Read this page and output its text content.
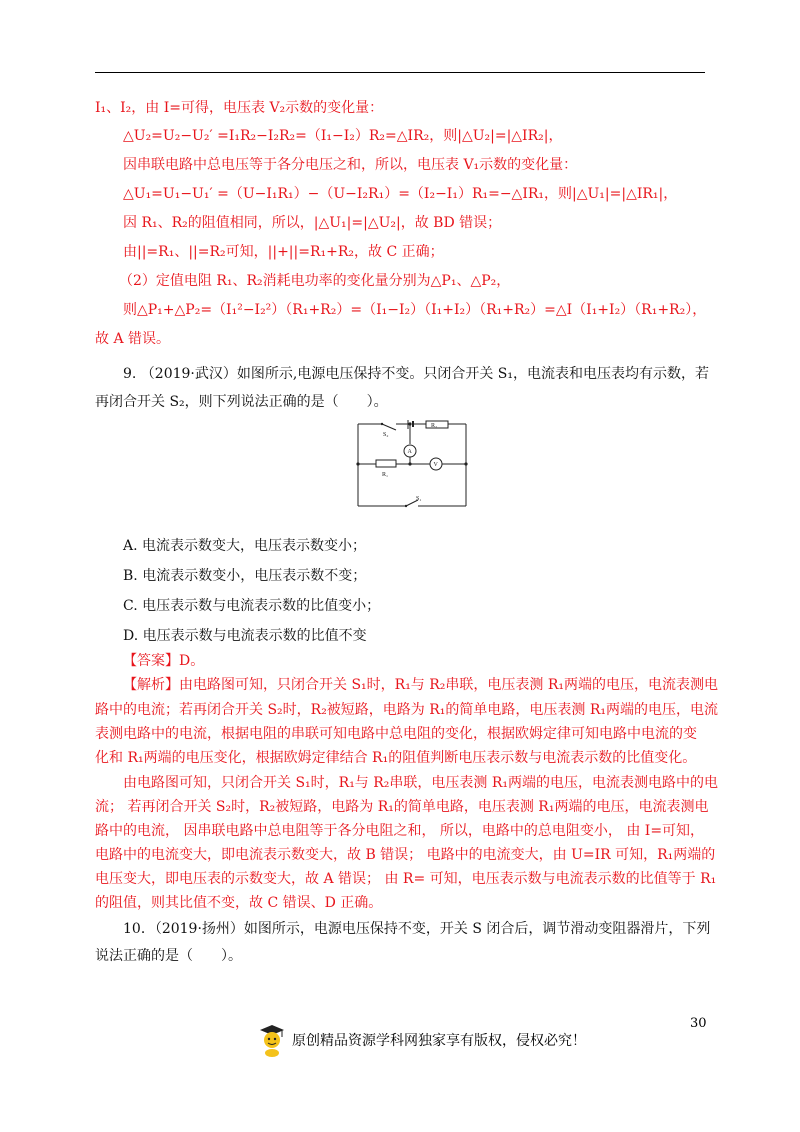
I₁、I₂，由 I=可得，电压表 V₂示数的变化量：
△U₂=U₂−U₂′ =I₁R₂−I₂R₂=（I₁−I₂）R₂=△IR₂，则|△U₂|=|△IR₂|，
因串联电路中总电压等于各分电压之和，所以，电压表 V₁示数的变化量：
△U₁=U₁−U₁′ =（U−I₁R₁）−（U−I₂R₁）=（I₂−I₁）R₁=−△IR₁，则|△U₁|=|△IR₁|，
因 R₁、R₂的阻值相同，所以，|△U₁|=|△U₂|，故 BD 错误；
由||=R₁、||=R₂可知，||+||=R₁+R₂，故 C 正确；
（2）定值电阻 R₁、R₂消耗电功率的变化量分别为△P₁、△P₂，
则△P₁+△P₂=（I₁²−I₂²）（R₁+R₂）=（I₁−I₂）（I₁+I₂）（R₁+R₂）=△I（I₁+I₂）（R₁+R₂），
故 A 错误。
9. （2019·武汉）如图所示,电源电压保持不变。只闭合开关 S₁，电流表和电压表均有示数，若
再闭合开关 S₂，则下列说法正确的是（　　）。
S₂
R₂
A
V
R₁
S₁
A. 电流表示数变大，电压表示数变小；
B. 电流表示数变小，电压表示数不变；
C. 电压表示数与电流表示数的比值变小；
D. 电压表示数与电流表示数的比值不变
【答案】D。
【解析】由电路图可知，只闭合开关 S₁时，R₁与 R₂串联，电压表测 R₁两端的电压，电流表测电
路中的电流；若再闭合开关 S₂时，R₂被短路，电路为 R₁的简单电路，电压表测 R₁两端的电压，电流
表测电路中的电流，根据电阻的串联可知电路中总电阻的变化，根据欧姆定律可知电路中电流的变
化和 R₁两端的电压变化，根据欧姆定律结合 R₁的阻值判断电压表示数与电流表示数的比值变化。
由电路图可知，只闭合开关 S₁时，R₁与 R₂串联，电压表测 R₁两端的电压，电流表测电路中的电
流； 若再闭合开关 S₂时，R₂被短路，电路为 R₁的简单电路，电压表测 R₁两端的电压，电流表测电
路中的电流， 因串联电路中总电阻等于各分电阻之和， 所以，电路中的总电阻变小， 由 I=可知，
电路中的电流变大，即电流表示数变大，故 B 错误； 电路中的电流变大，由 U=IR 可知，R₁两端的
电压变大，即电压表的示数变大，故 A 错误； 由 R= 可知，电压表示数与电流表示数的比值等于 R₁
的阻值，则其比值不变，故 C 错误、D 正确。
10．（2019·扬州）如图所示，电源电压保持不变，开关 S 闭合后，调节滑动变阻器滑片，下列
说法正确的是（　　）。
30
原创精品资源学科网独家享有版权，侵权必究！
